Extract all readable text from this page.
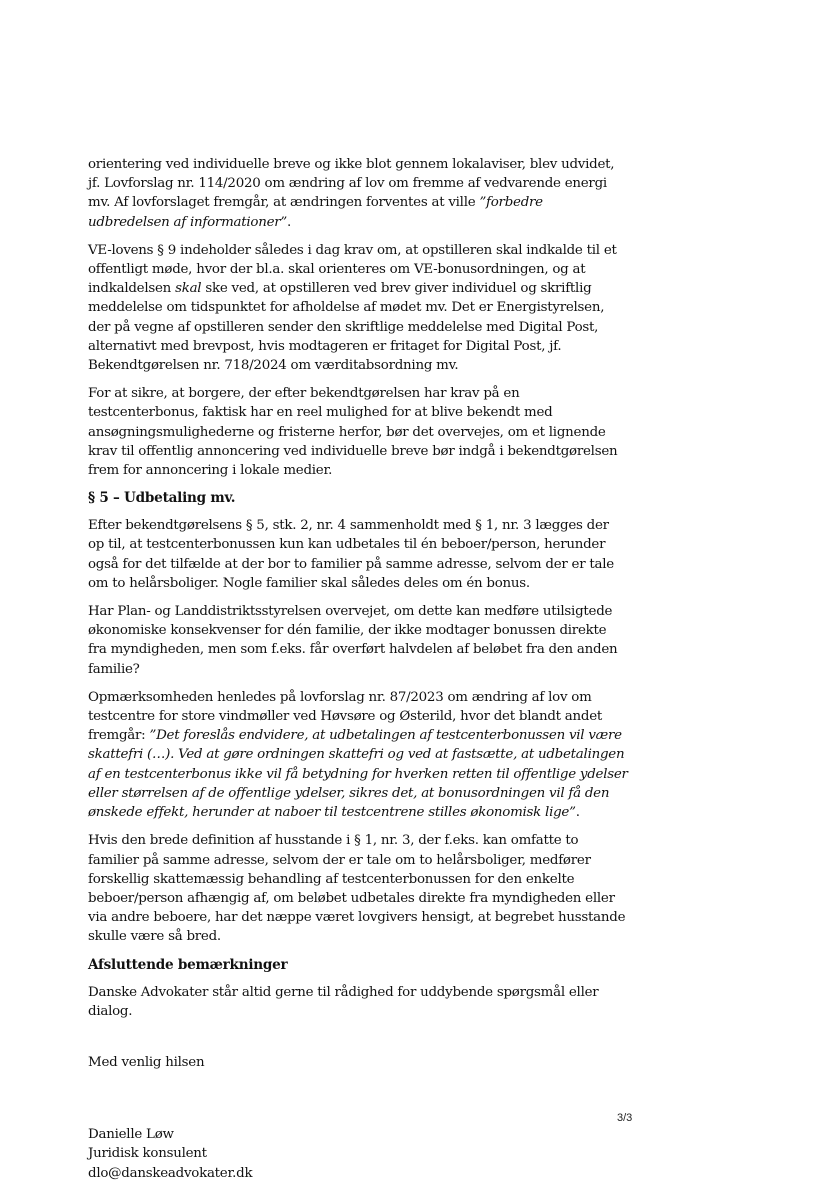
orientering ved individuelle breve og ikke blot gennem lokalaviser, blev udvidet, jf. Lovforslag nr. 114/2020 om ændring af lov om fremme af vedvarende energi mv. Af lovforslaget fremgår, at ændringen forventes at ville ”forbedre udbredelsen af informationer”.

VE-lovens § 9 indeholder således i dag krav om, at opstilleren skal indkalde til et offentligt møde, hvor der bl.a. skal orienteres om VE-bonusordningen, og at indkaldelsen skal ske ved, at opstilleren ved brev giver individuel og skriftlig meddelelse om tidspunktet for afholdelse af mødet mv. Det er Energistyrelsen, der på vegne af opstilleren sender den skriftlige meddelelse med Digital Post, alternativt med brevpost, hvis modtageren er fritaget for Digital Post, jf. Bekendtgørelsen nr. 718/2024 om værditabsordning mv.

For at sikre, at borgere, der efter bekendtgørelsen har krav på en testcenterbonus, faktisk har en reel mulighed for at blive bekendt med ansøgningsmulighederne og fristerne herfor, bør det overvejes, om et lignende krav til offentlig annoncering ved individuelle breve bør indgå i bekendtgørelsen frem for annoncering i lokale medier.

§ 5 – Udbetaling mv.

Efter bekendtgørelsens § 5, stk. 2, nr. 4 sammenholdt med § 1, nr. 3 lægges der op til, at testcenterbonussen kun kan udbetales til én beboer/person, herunder også for det tilfælde at der bor to familier på samme adresse, selvom der er tale om to helårsboliger. Nogle familier skal således deles om én bonus.

Har Plan- og Landdistriktsstyrelsen overvejet, om dette kan medføre utilsigtede økonomiske konsekvenser for dén familie, der ikke modtager bonussen direkte fra myndigheden, men som f.eks. får overført halvdelen af beløbet fra den anden familie?

Opmærksomheden henledes på lovforslag nr. 87/2023 om ændring af lov om testcentre for store vindmøller ved Høvsøre og Østerild, hvor det blandt andet fremgår: ”Det foreslås endvidere, at udbetalingen af testcenterbonussen vil være skattefri (…). Ved at gøre ordningen skattefri og ved at fastsætte, at udbetalingen af en testcenterbonus ikke vil få betydning for hverken retten til offentlige ydelser eller størrelsen af de offentlige ydelser, sikres det, at bonusordningen vil få den ønskede effekt, herunder at naboer til testcentrene stilles økonomisk lige”.

Hvis den brede definition af husstande i § 1, nr. 3, der f.eks. kan omfatte to familier på samme adresse, selvom der er tale om to helårsboliger, medfører forskellig skattemæssig behandling af testcenterbonussen for den enkelte beboer/person afhængig af, om beløbet udbetales direkte fra myndigheden eller via andre beboere, har det næppe været lovgivers hensigt, at begrebet husstande skulle være så bred.

Afsluttende bemærkninger

Danske Advokater står altid gerne til rådighed for uddybende spørgsmål eller dialog.

Med venlig hilsen

Danielle Løw
Juridisk konsulent
dlo@danskeadvokater.dk
3/3
